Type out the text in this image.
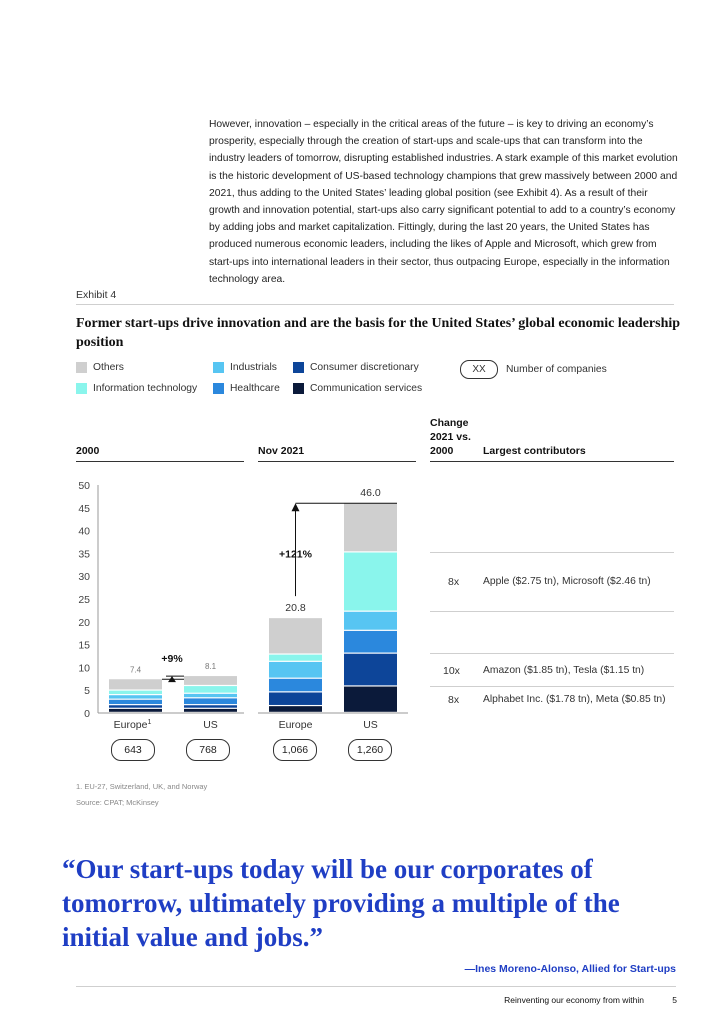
However, innovation – especially in the critical areas of the future – is key to driving an economy’s prosperity, especially through the creation of start-ups and scale-ups that can transform into the industry leaders of tomorrow, disrupting established industries. A stark example of this market evolution is the historic development of US-based technology champions that grew massively between 2000 and 2021, thus adding to the United States’ leading global position (see Exhibit 4). As a result of their growth and innovation potential, start-ups also carry significant potential to add to a country’s economy by adding jobs and market capitalization. Fittingly, during the last 20 years, the United States has produced numerous economic leaders, including the likes of Apple and Microsoft, which grew from start-ups into international leaders in their sector, thus outpacing Europe, especially in the information technology area.
Exhibit 4
Former start-ups drive innovation and are the basis for the United States’ global economic leadership position
Others
Information technology
Industrials
Healthcare
Consumer discretionary
Communication services
XX	Number of companies
2000	Nov 2021
Change
2021 vs.
2000	Largest contributors
8x Apple ($2.75 tn), Microsoft ($2.46 tn)
10x Amazon ($1.85 tn), Tesla ($1.15 tn)
8x Alphabet Inc. ($1.78 tn), Meta ($0.85 tn)
0
5
10
15
20
25
30
35
40
45
50
7.4
Europe$^1$
8.1
US
20.8
Europe
46.0
US
+9%
+121%
643	768	1,066	1,260
1. EU-27, Switzerland, UK, and Norway
Source: CPAT; McKinsey
“Our start-ups today will be our corporates of tomorrow, ultimately providing a multiple of the initial value and jobs.”
—Ines Moreno-Alonso, Allied for Start-ups
Reinventing our economy from within	5
